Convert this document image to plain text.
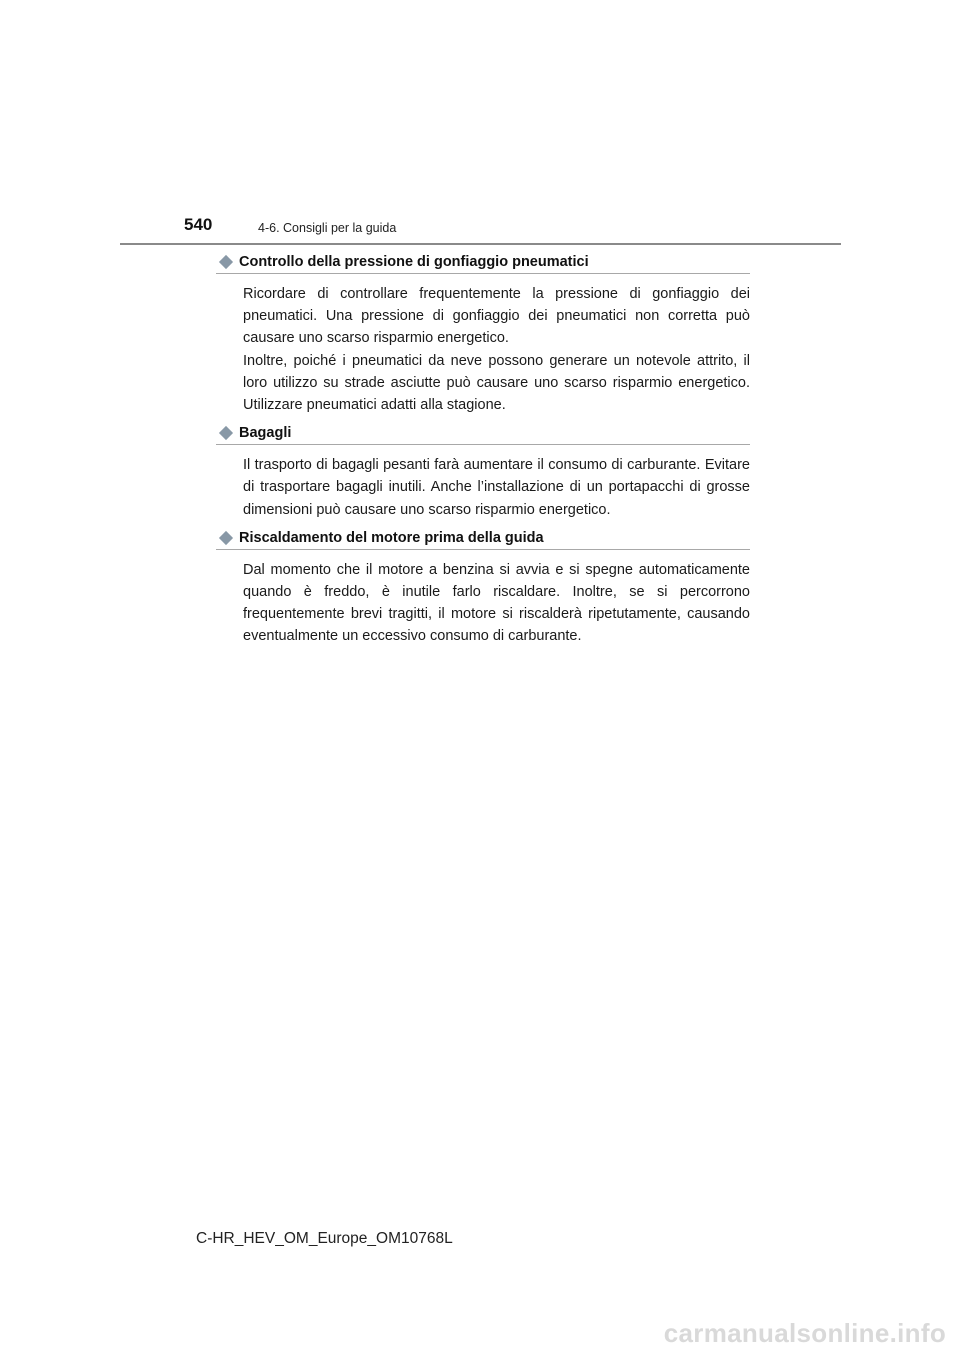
540	4-6. Consigli per la guida
Controllo della pressione di gonfiaggio pneumatici

Ricordare di controllare frequentemente la pressione di gonfiaggio dei pneumatici. Una pressione di gonfiaggio dei pneumatici non corretta può causare uno scarso risparmio energetico.

Inoltre, poiché i pneumatici da neve possono generare un notevole attrito, il loro utilizzo su strade asciutte può causare uno scarso risparmio energetico. Utilizzare pneumatici adatti alla stagione.

Bagagli

Il trasporto di bagagli pesanti farà aumentare il consumo di carburante. Evitare di trasportare bagagli inutili. Anche l’installazione di un portapacchi di grosse dimensioni può causare uno scarso risparmio energetico.

Riscaldamento del motore prima della guida

Dal momento che il motore a benzina si avvia e si spegne automaticamente quando è freddo, è inutile farlo riscaldare. Inoltre, se si percorrono frequentemente brevi tragitti, il motore si riscalderà ripetutamente, causando eventualmente un eccessivo consumo di carburante.

C-HR_HEV_OM_Europe_OM10768L
carmanualsonline.info
